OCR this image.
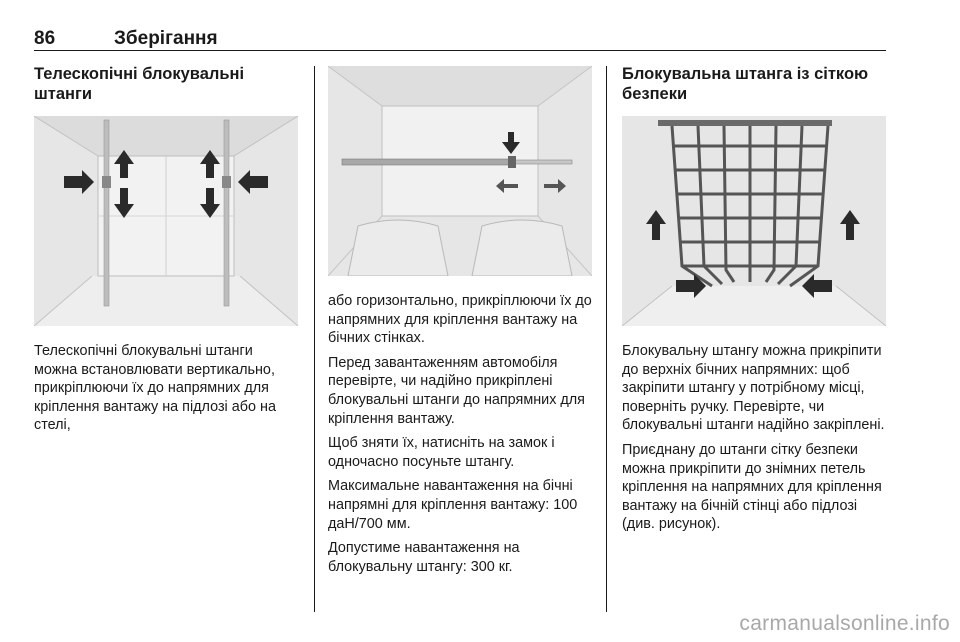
86	Зберігання
Телескопічні блокувальні штанги

Телескопічні блокувальні штанги можна встановлювати вертикально, прикріплюючи їх до напрямних для кріплення вантажу на підлозі або на стелі,

або горизонтально, прикріплюючи їх до напрямних для кріплення вантажу на бічних стінках.

Перед завантаженням автомобіля перевірте, чи надійно прикріплені блокувальні штанги до напрямних для кріплення вантажу.

Щоб зняти їх, натисніть на замок і одночасно посуньте штангу.

Максимальне навантаження на бічні напрямні для кріплення вантажу: 100 даН/700 мм.

Допустиме навантаження на блокувальну штангу: 300 кг.

Блокувальна штанга із сіткою безпеки

Блокувальну штангу можна прикріпити до верхніх бічних напрямних: щоб закріпити штангу у потрібному місці, поверніть ручку. Перевірте, чи блокувальні штанги надійно закріплені.

Приєднану до штанги сітку безпеки можна прикріпити до знімних петель кріплення на напрямних для кріплення вантажу на бічній стінці або підлозі (див. рисунок).

carmanualsonline.info
